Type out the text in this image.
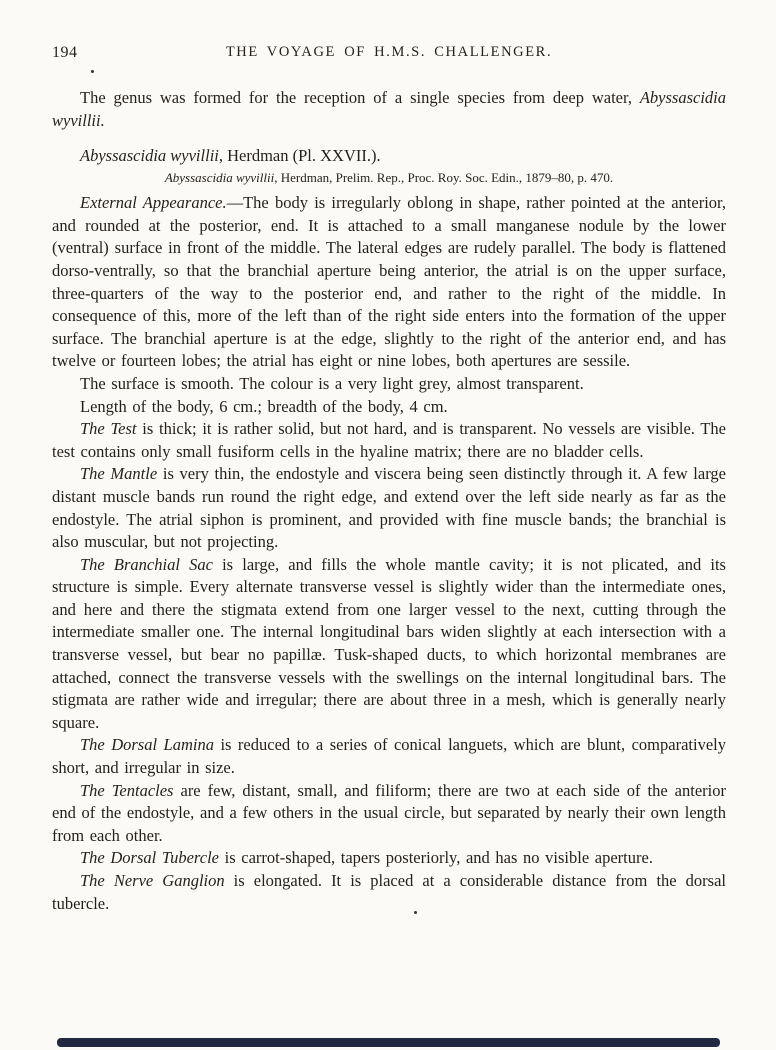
194	THE VOYAGE OF H.M.S. CHALLENGER.

The genus was formed for the reception of a single species from deep water, Abyssascidia wyvillii.

Abyssascidia wyvillii, Herdman (Pl. XXVII.).

Abyssascidia wyvillii, Herdman, Prelim. Rep., Proc. Roy. Soc. Edin., 1879–80, p. 470.

External Appearance.—The body is irregularly oblong in shape, rather pointed at the anterior, and rounded at the posterior, end. It is attached to a small manganese nodule by the lower (ventral) surface in front of the middle. The lateral edges are rudely parallel. The body is flattened dorso-ventrally, so that the branchial aperture being anterior, the atrial is on the upper surface, three-quarters of the way to the posterior end, and rather to the right of the middle. In consequence of this, more of the left than of the right side enters into the formation of the upper surface. The branchial aperture is at the edge, slightly to the right of the anterior end, and has twelve or fourteen lobes; the atrial has eight or nine lobes, both apertures are sessile.

The surface is smooth. The colour is a very light grey, almost transparent.

Length of the body, 6 cm.; breadth of the body, 4 cm.

The Test is thick; it is rather solid, but not hard, and is transparent. No vessels are visible. The test contains only small fusiform cells in the hyaline matrix; there are no bladder cells.

The Mantle is very thin, the endostyle and viscera being seen distinctly through it. A few large distant muscle bands run round the right edge, and extend over the left side nearly as far as the endostyle. The atrial siphon is prominent, and provided with fine muscle bands; the branchial is also muscular, but not projecting.

The Branchial Sac is large, and fills the whole mantle cavity; it is not plicated, and its structure is simple. Every alternate transverse vessel is slightly wider than the intermediate ones, and here and there the stigmata extend from one larger vessel to the next, cutting through the intermediate smaller one. The internal longitudinal bars widen slightly at each intersection with a transverse vessel, but bear no papillæ. Tusk-shaped ducts, to which horizontal membranes are attached, connect the transverse vessels with the swellings on the internal longitudinal bars. The stigmata are rather wide and irregular; there are about three in a mesh, which is generally nearly square.

The Dorsal Lamina is reduced to a series of conical languets, which are blunt, comparatively short, and irregular in size.

The Tentacles are few, distant, small, and filiform; there are two at each side of the anterior end of the endostyle, and a few others in the usual circle, but separated by nearly their own length from each other.

The Dorsal Tubercle is carrot-shaped, tapers posteriorly, and has no visible aperture.

The Nerve Ganglion is elongated. It is placed at a considerable distance from the dorsal tubercle.
